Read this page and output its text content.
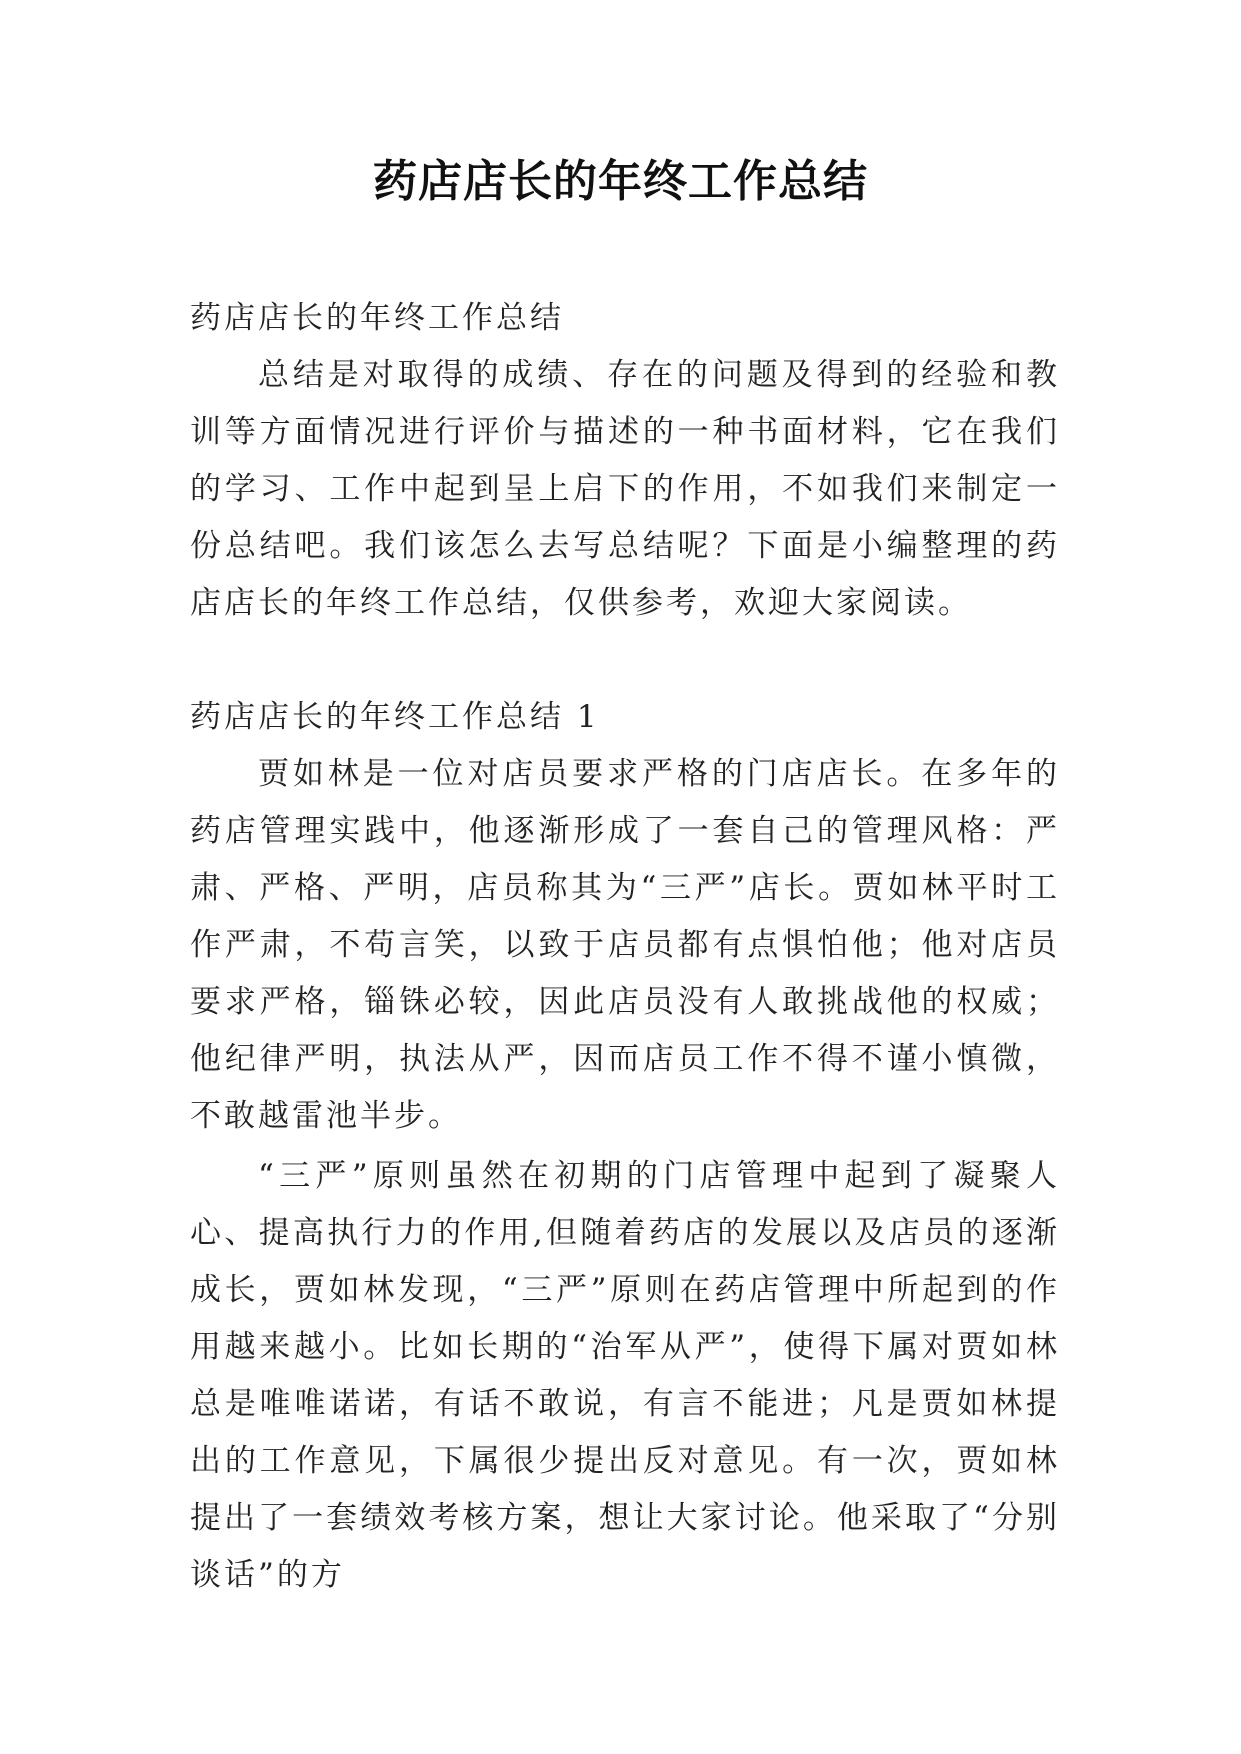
药店店长的年终工作总结

药店店长的年终工作总结

总结是对取得的成绩、存在的问题及得到的经验和教训等方面情况进行评价与描述的一种书面材料，它在我们的学习、工作中起到呈上启下的作用，不如我们来制定一份总结吧。我们该怎么去写总结呢？下面是小编整理的药店店长的年终工作总结，仅供参考，欢迎大家阅读。

药店店长的年终工作总结 1

贾如林是一位对店员要求严格的门店店长。在多年的药店管理实践中，他逐渐形成了一套自己的管理风格：严肃、严格、严明，店员称其为“三严”店长。贾如林平时工作严肃，不苟言笑，以致于店员都有点惧怕他；他对店员要求严格，锱铢必较，因此店员没有人敢挑战他的权威；他纪律严明，执法从严，因而店员工作不得不谨小慎微，不敢越雷池半步。

“三严”原则虽然在初期的门店管理中起到了凝聚人心、提高执行力的作用,但随着药店的发展以及店员的逐渐成长，贾如林发现，“三严”原则在药店管理中所起到的作用越来越小。比如长期的“治军从严”，使得下属对贾如林总是唯唯诺诺，有话不敢说，有言不能进；凡是贾如林提出的工作意见，下属很少提出反对意见。有一次，贾如林提出了一套绩效考核方案，想让大家讨论。他采取了“分别谈话”的方
